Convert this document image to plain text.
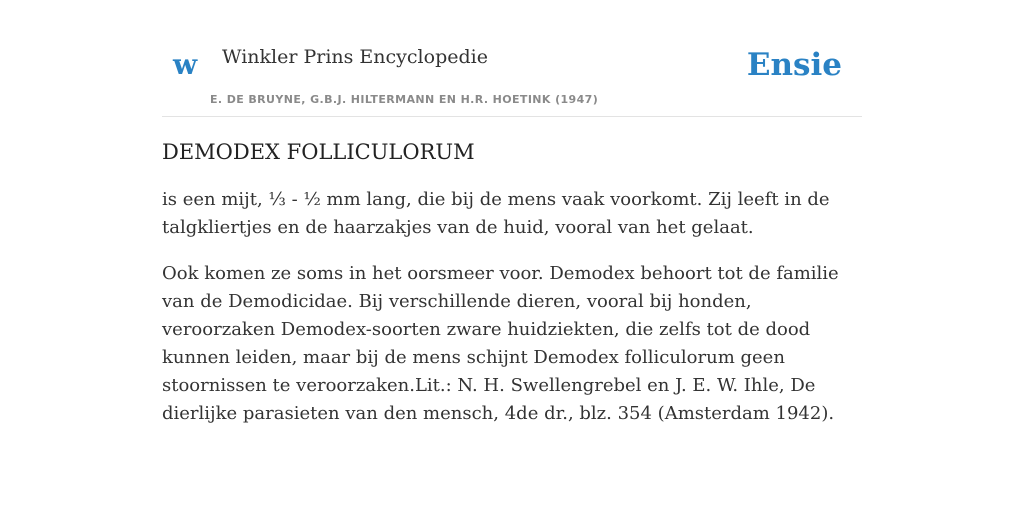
w Winkler Prins Encyclopedie
E. DE BRUYNE, G.B.J. HILTERMANN EN H.R. HOETINK (1947)
Ensie
DEMODEX FOLLICULORUM

is een mijt, ⅓ - ½ mm lang, die bij de mens vaak voorkomt. Zij leeft in de talgkliertjes en de haarzakjes van de huid, vooral van het gelaat.

Ook komen ze soms in het oorsmeer voor. Demodex behoort tot de familie van de Demodicidae. Bij verschillende dieren, vooral bij honden, veroorzaken Demodex-soorten zware huidziekten, die zelfs tot de dood kunnen leiden, maar bij de mens schijnt Demodex folliculorum geen stoornissen te veroorzaken.Lit.: N. H. Swellengrebel en J. E. W. Ihle, De dierlijke parasieten van den mensch, 4de dr., blz. 354 (Amsterdam 1942).
